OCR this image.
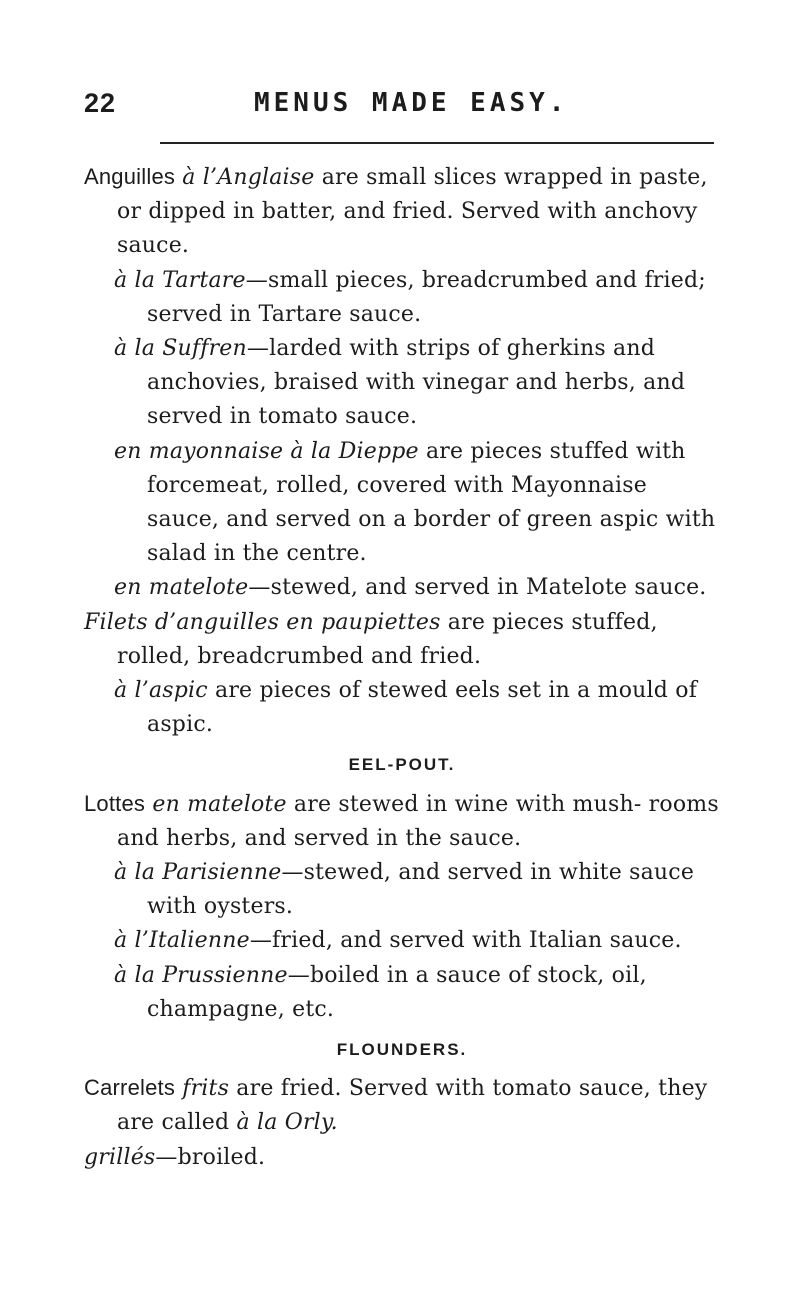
22	MENUS MADE EASY.

Anguilles à l’Anglaise are small slices wrapped in paste, or dipped in batter, and fried. Served with anchovy sauce.

à la Tartare—small pieces, breadcrumbed and fried; served in Tartare sauce.

à la Suffren—larded with strips of gherkins and anchovies, braised with vinegar and herbs, and served in tomato sauce.

en mayonnaise à la Dieppe are pieces stuffed with forcemeat, rolled, covered with Mayonnaise sauce, and served on a border of green aspic with salad in the centre.

en matelote—stewed, and served in Matelote sauce.

Filets d’anguilles en paupiettes are pieces stuffed, rolled, breadcrumbed and fried.

à l’aspic are pieces of stewed eels set in a mould of aspic.

EEL-POUT.

Lottes en matelote are stewed in wine with mush- rooms and herbs, and served in the sauce.

à la Parisienne—stewed, and served in white sauce with oysters.

à l’Italienne—fried, and served with Italian sauce.

à la Prussienne—boiled in a sauce of stock, oil, champagne, etc.

FLOUNDERS.

Carrelets frits are fried. Served with tomato sauce, they are called à la Orly.

grillés—broiled.
